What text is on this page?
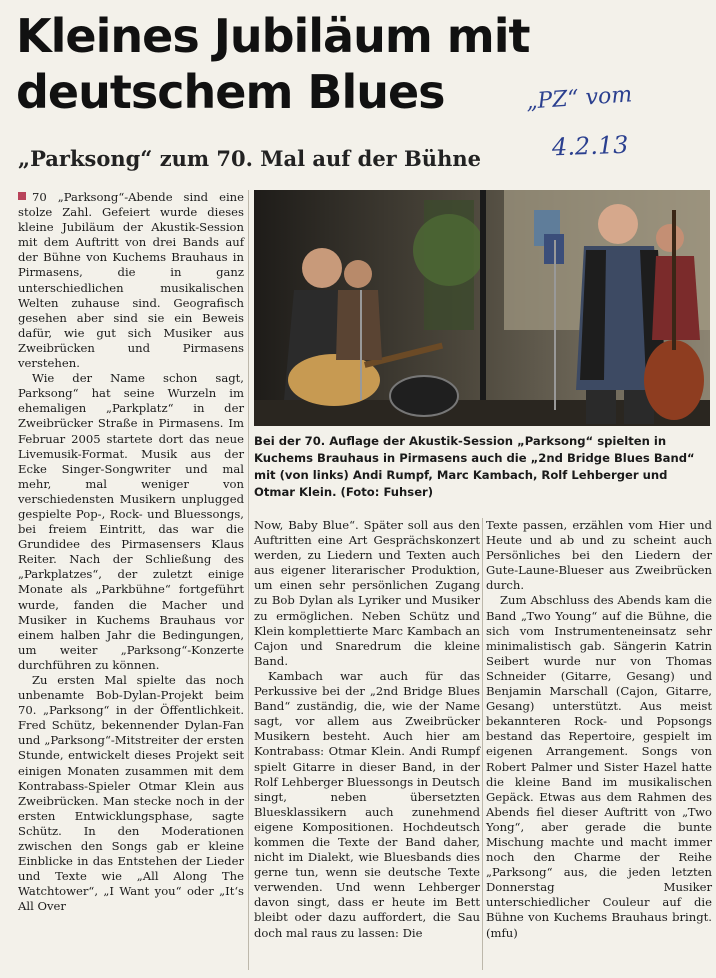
Kleines Jubiläum mit deutschem Blues
„Parksong“ zum 70. Mal auf der Bühne
„PZ“ vom
4.2.13

70 „Parksong“-Abende sind eine stolze Zahl. Gefeiert wurde dieses kleine Jubiläum der Akustik-Session mit dem Auftritt von drei Bands auf der Bühne von Kuchems Brauhaus in Pirmasens, die in ganz unterschiedlichen musikalischen Welten zuhause sind. Geografisch gesehen aber sind sie ein Beweis dafür, wie gut sich Musiker aus Zweibrücken und Pirmasens verstehen.

Wie der Name schon sagt, Parksong“ hat seine Wurzeln im ehemaligen „Parkplatz“ in der Zweibrücker Straße in Pirmasens. Im Februar 2005 startete dort das neue Livemusik-Format. Musik aus der Ecke Singer-Songwriter und mal mehr, mal weniger von verschiedensten Musikern unplugged gespielte Pop-, Rock- und Bluessongs, bei freiem Eintritt, das war die Grundidee des Pirmasensers Klaus Reiter. Nach der Schließung des „Parkplatzes“, der zuletzt einige Monate als „Parkbühne“ fortgeführt wurde, fanden die Macher und Musiker in Kuchems Brauhaus vor einem halben Jahr die Bedingungen, um weiter „Parksong“-Konzerte durchführen zu können.

Zu ersten Mal spielte das noch unbenamte Bob-Dylan-Projekt beim 70. „Parksong“ in der Öffentlichkeit. Fred Schütz, bekennender Dylan-Fan und „Parksong“-Mitstreiter der ersten Stunde, entwickelt dieses Projekt seit einigen Monaten zusammen mit dem Kontrabass-Spieler Otmar Klein aus Zweibrücken. Man stecke noch in der ersten Entwicklungsphase, sagte Schütz. In den Moderationen zwischen den Songs gab er kleine Einblicke in das Entstehen der Lieder und Texte wie „All Along The Watchtower“, „I Want you“ oder „It‘s All Over

Bei der 70. Auflage der Akustik-Session „Parksong“ spielten in Kuchems Brauhaus in Pirmasens auch die „2nd Bridge Blues Band“ mit (von links) Andi Rumpf, Marc Kambach, Rolf Lehberger und Otmar Klein. (Foto: Fuhser)

Now, Baby Blue“. Später soll aus den Auftritten eine Art Gesprächskonzert werden, zu Liedern und Texten auch aus eigener literarischer Produktion, um einen sehr persönlichen Zugang zu Bob Dylan als Lyriker und Musiker zu ermöglichen. Neben Schütz und Klein komplettierte Marc Kambach an Cajon und Snaredrum die kleine Band.

Kambach war auch für das Perkussive bei der „2nd Bridge Blues Band“ zuständig, die, wie der Name sagt, vor allem aus Zweibrücker Musikern besteht. Auch hier am Kontrabass: Otmar Klein. Andi Rumpf spielt Gitarre in dieser Band, in der Rolf Lehberger Bluessongs in Deutsch singt, neben übersetzten Bluesklassikern auch zunehmend eigene Kompositionen. Hochdeutsch kommen die Texte der Band daher, nicht im Dialekt, wie Bluesbands dies gerne tun, wenn sie deutsche Texte verwenden. Und wenn Lehberger davon singt, dass er heute im Bett bleibt oder dazu auffordert, die Sau doch mal raus zu lassen: Die

Texte passen, erzählen vom Hier und Heute und ab und zu scheint auch Persönliches bei den Liedern der Gute-Laune-Blueser aus Zweibrücken durch.

Zum Abschluss des Abends kam die Band „Two Young“ auf die Bühne, die sich vom Instrumenteneinsatz sehr minimalistisch gab. Sängerin Katrin Seibert wurde nur von Thomas Schneider (Gitarre, Gesang) und Benjamin Marschall (Cajon, Gitarre, Gesang) unterstützt. Aus meist bekannteren Rock- und Popsongs bestand das Repertoire, gespielt im eigenen Arrangement. Songs von Robert Palmer und Sister Hazel hatte die kleine Band im musikalischen Gepäck. Etwas aus dem Rahmen des Abends fiel dieser Auftritt von „Two Yong“, aber gerade die bunte Mischung machte und macht immer noch den Charme der Reihe „Parksong“ aus, die jeden letzten Donnerstag Musiker unterschiedlicher Couleur auf die Bühne von Kuchems Brauhaus bringt. (mfu)
